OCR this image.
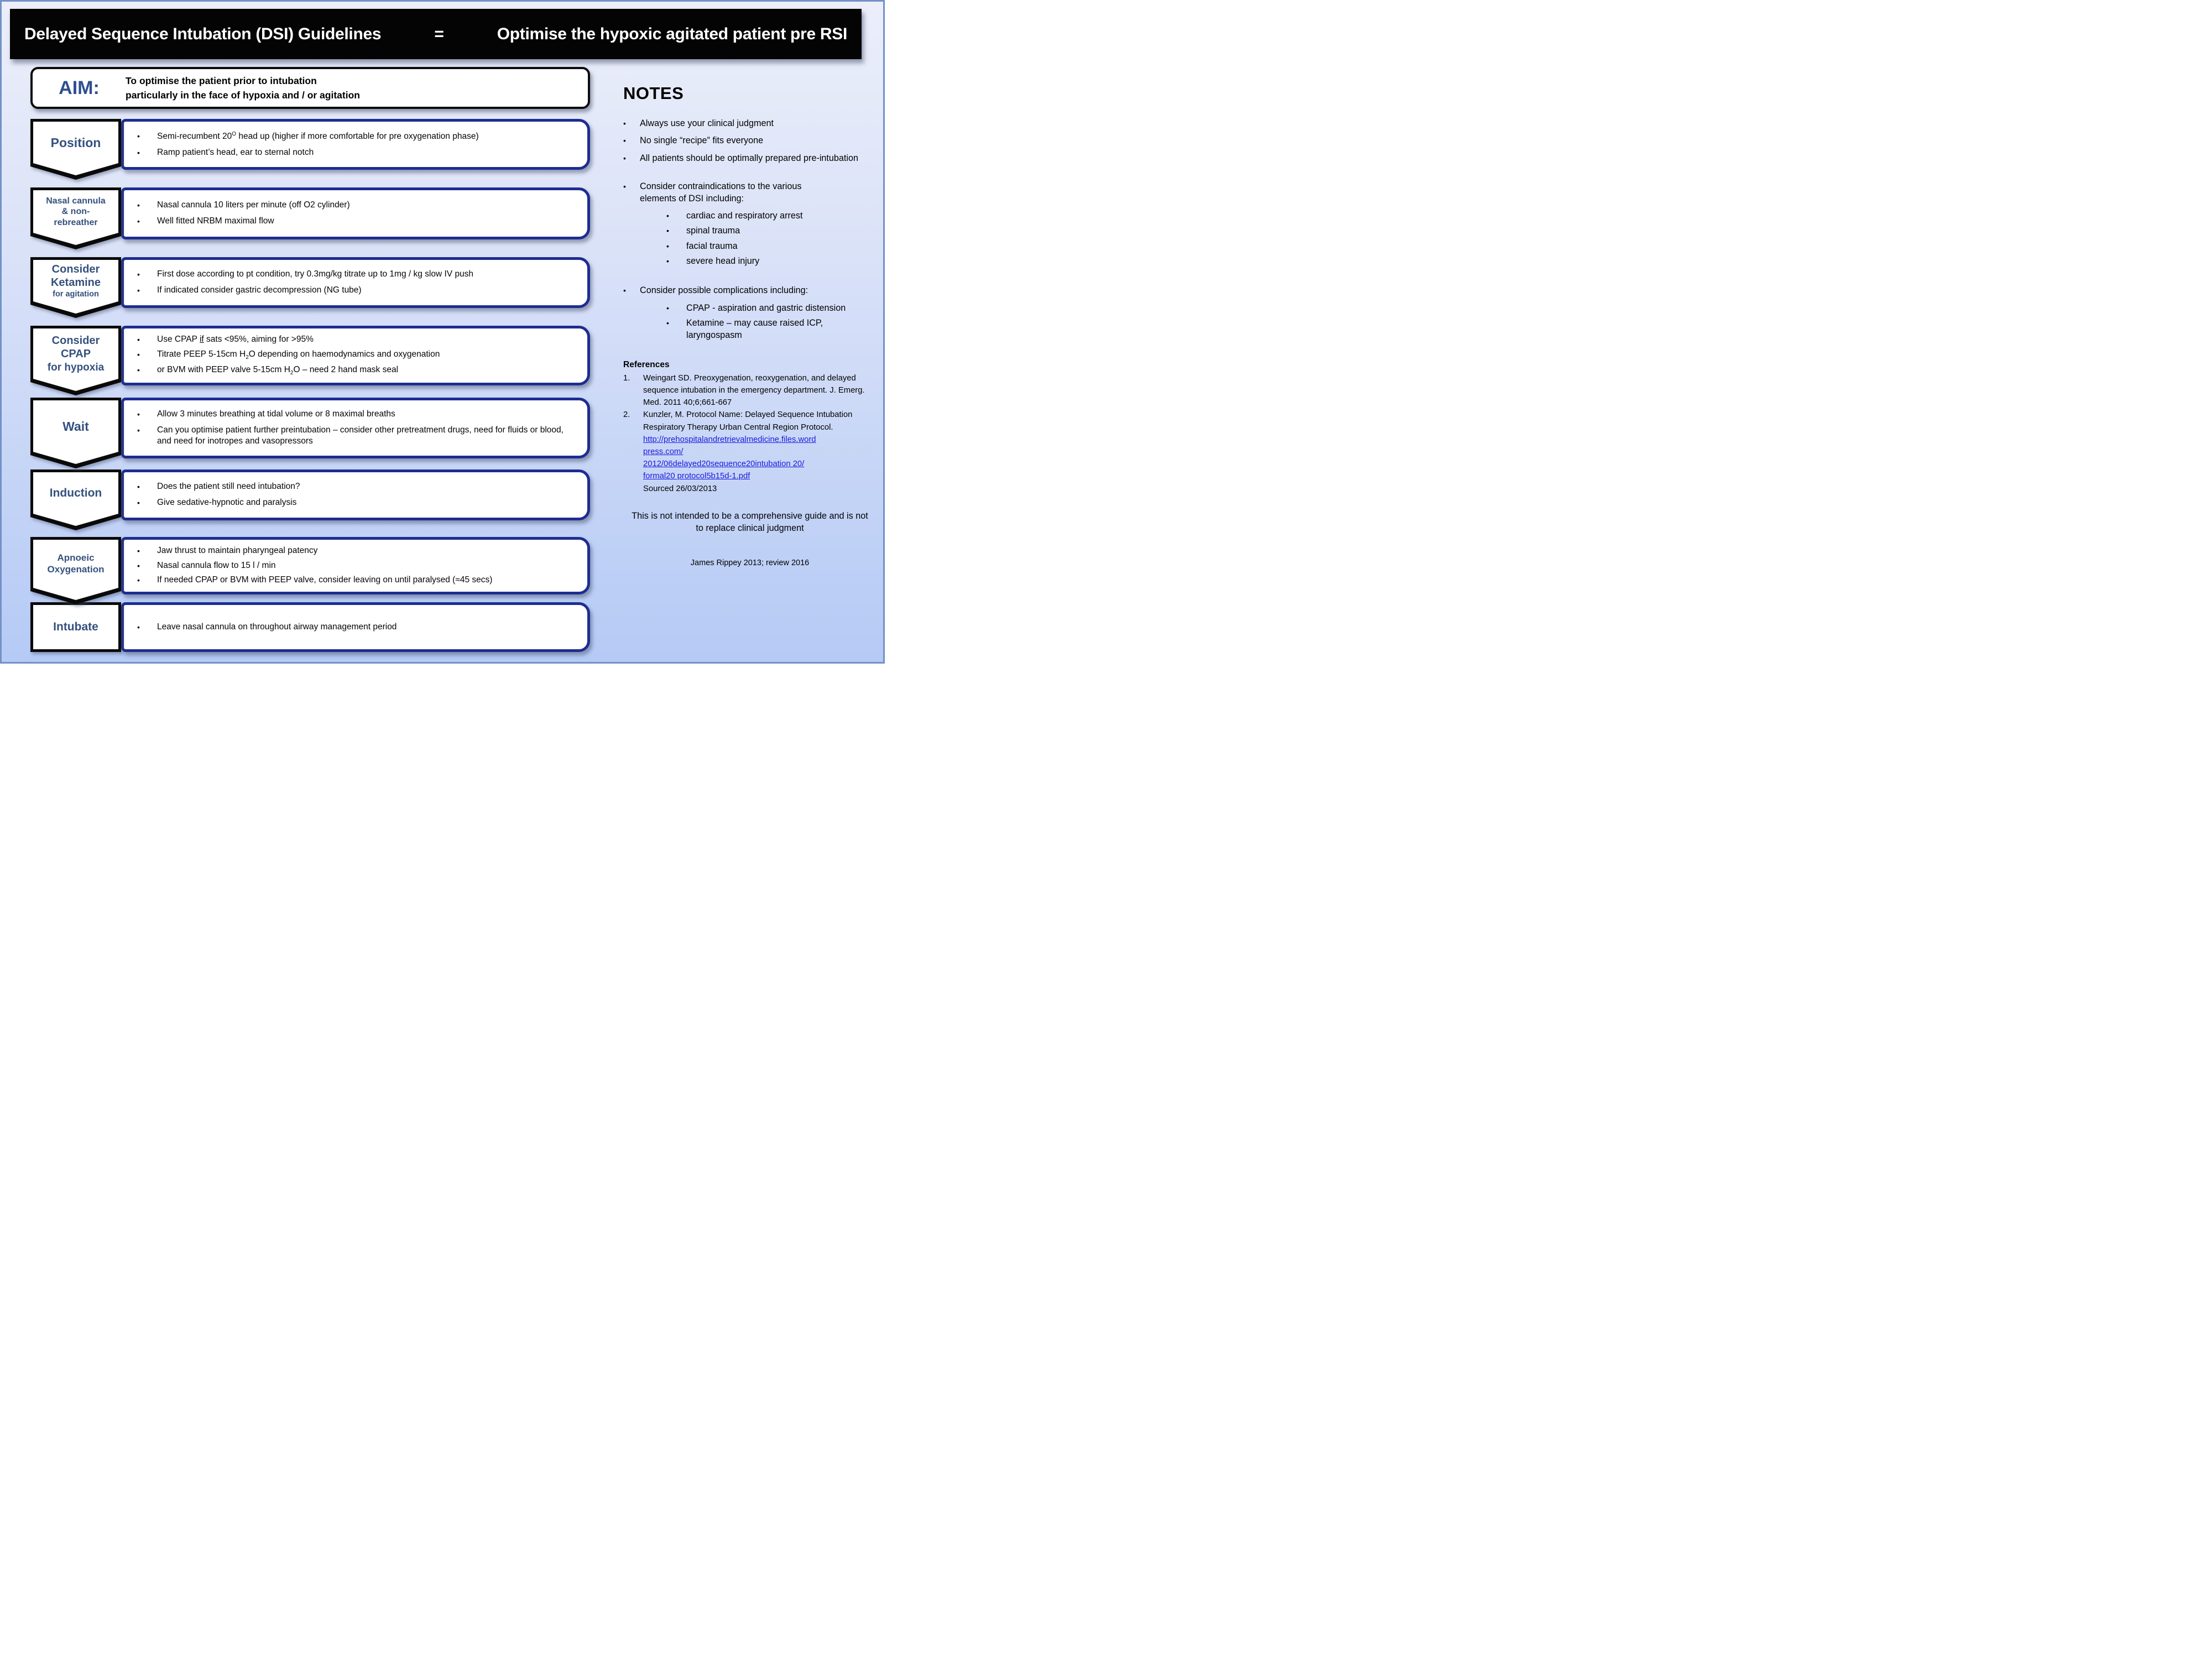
Delayed Sequence Intubation (DSI) Guidelines	=	Optimise the hypoxic agitated patient pre RSI
AIM:	To optimise the patient prior to intubation
particularly in the face of hypoxia and / or agitation
Position	•	Semi-recumbent $20^O$ head up (higher if more comfortable for pre oxygenation phase)
•	Ramp patient’s head, ear to sternal notch
Nasal cannula
& non-
rebreather
•	Nasal cannula 10 liters per minute (off O2 cylinder)
•	Well fitted NRBM maximal flow
Consider
Ketamine
for agitation
•	First dose according to pt condition, try 0.3mg/kg titrate up to 1mg / kg slow IV push
•	If indicated consider gastric decompression (NG tube)
Consider
CPAP
for hypoxia
•	Use CPAP if sats <95%, aiming for >95%
•	Titrate PEEP 5-15cm $H_2O$ depending on haemodynamics and oxygenation
•	or BVM with PEEP valve 5-15cm $H_2O$ – need 2 hand mask seal
Wait
•	Allow 3 minutes breathing at tidal volume or 8 maximal breaths
•	Can you optimise patient further preintubation – consider other pretreatment drugs, need for fluids or blood, and need for inotropes and vasopressors
Induction
•	Does the patient still need intubation?
•	Give sedative-hypnotic and paralysis
Apnoeic
Oxygenation
•	Jaw thrust to maintain pharyngeal patency
•	Nasal cannula flow to 15 l / min
•	If needed CPAP or BVM with PEEP valve, consider leaving on until paralysed (≈45 secs)
Intubate	•	Leave nasal cannula on throughout airway management period
NOTES
•	Always use your clinical judgment
•	No single “recipe” fits everyone
•	All patients should be optimally prepared pre-intubation
•	Consider contraindications to the various elements of DSI including:
•	cardiac and respiratory arrest
•	spinal trauma
•	facial trauma
•	severe head injury
•	Consider possible complications including:
•	CPAP - aspiration and gastric distension
•	Ketamine – may cause raised ICP, laryngospasm
References
1.	Weingart SD. Preoxygenation, reoxygenation, and delayed sequence intubation in the emergency department. J. Emerg. Med. 2011 40;6;661-667
2.	Kunzler, M. Protocol Name: Delayed Sequence Intubation Respiratory Therapy Urban Central Region Protocol.
http://prehospitalandretrievalmedicine.files.word
press.com/
2012/06delayed20sequence20intubation 20/
formal20 protocol5b15d-1.pdf
Sourced 26/03/2013
This is not intended to be a comprehensive guide and is not to replace clinical judgment
James Rippey 2013; review 2016
